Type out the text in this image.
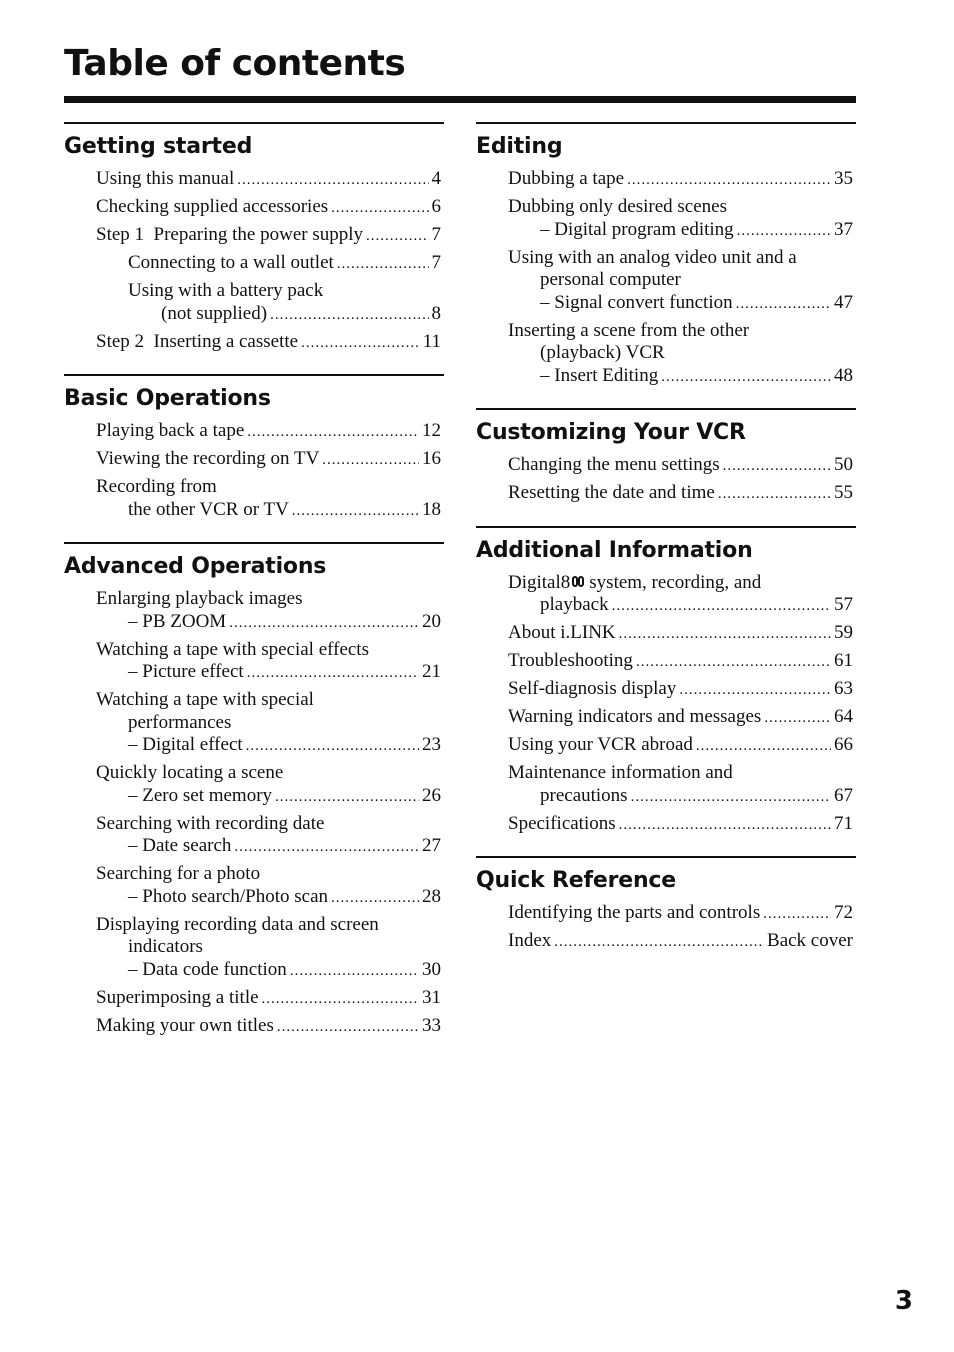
Table of contents
Getting started
Using this manual .....	4
Checking supplied accessories .....	6
Step 1  Preparing the power supply .....	7
Connecting to a wall outlet .....	7
Using with a battery pack
(not supplied) .....	8
Step 2  Inserting a cassette .....	11
Basic Operations
Playing back a tape .....	12
Viewing the recording on TV .....	16
Recording from
the other VCR or TV .....	18
Advanced Operations
Enlarging playback images
– PB ZOOM .....	20
Watching a tape with special effects
– Picture effect .....	21
Watching a tape with special
performances
– Digital effect .....	23
Quickly locating a scene
– Zero set memory .....	26
Searching with recording date
– Date search .....	27
Searching for a photo
– Photo search/Photo scan .....	28
Displaying recording data and screen
indicators
– Data code function .....	30
Superimposing a title .....	31
Making your own titles .....	33
Editing
Dubbing a tape .....	35
Dubbing only desired scenes
– Digital program editing .....	37
Using with an analog video unit and a
personal computer
– Signal convert function .....	47
Inserting a scene from the other
(playback) VCR
– Insert Editing .....	48
Customizing Your VCR
Changing the menu settings .....	50
Resetting the date and time .....	55
Additional Information
Digital8 system, recording, and
playback .....	57
About i.LINK .....	59
Troubleshooting .....	61
Self-diagnosis display .....	63
Warning indicators and messages .....	64
Using your VCR abroad .....	66
Maintenance information and
precautions .....	67
Specifications .....	71
Quick Reference
Identifying the parts and controls .....	72
Index .....	Back cover
3
